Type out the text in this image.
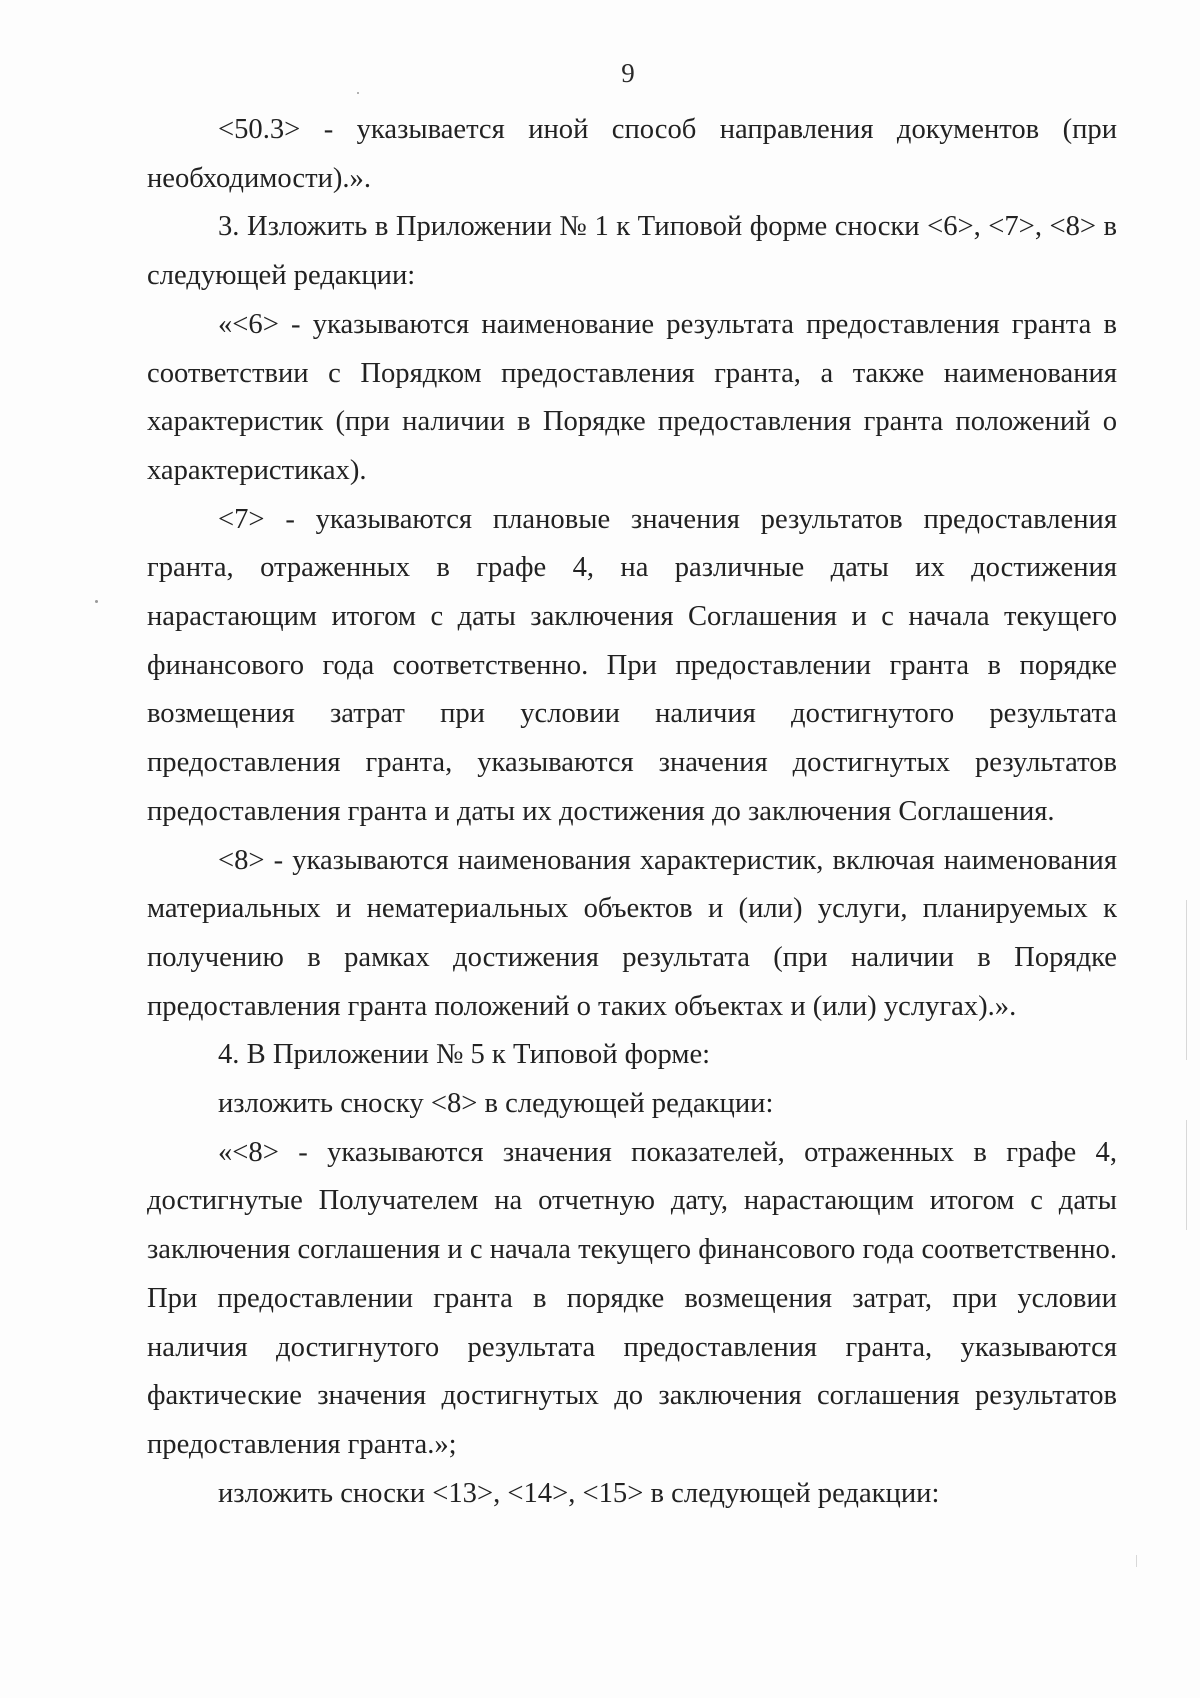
9

<50.3> - указывается иной способ направления документов (при необходимости).».

3. Изложить в Приложении № 1 к Типовой форме сноски <6>, <7>, <8> в следующей редакции:

«<6> - указываются наименование результата предоставления гранта в соответствии с Порядком предоставления гранта, а также наименования характеристик (при наличии в Порядке предоставления гранта положений о характеристиках).

<7> - указываются плановые значения результатов предоставления гранта, отраженных в графе 4, на различные даты их достижения нарастающим итогом с даты заключения Соглашения и с начала текущего финансового года соответственно. При предоставлении гранта в порядке возмещения затрат при условии наличия достигнутого результата предоставления гранта, указываются значения достигнутых результатов предоставления гранта и даты их достижения до заключения Соглашения.

<8> - указываются наименования характеристик, включая наименования материальных и нематериальных объектов и (или) услуги, планируемых к получению в рамках достижения результата (при наличии в Порядке предоставления гранта положений о таких объектах и (или) услугах).».

4. В Приложении № 5 к Типовой форме:

изложить сноску <8> в следующей редакции:

«<8> - указываются значения показателей, отраженных в графе 4, достигнутые Получателем на отчетную дату, нарастающим итогом с даты заключения соглашения и с начала текущего финансового года соответственно. При предоставлении гранта в порядке возмещения затрат, при условии наличия достигнутого результата предоставления гранта, указываются фактические значения достигнутых до заключения соглашения результатов предоставления гранта.»;

изложить сноски <13>, <14>, <15> в следующей редакции:
